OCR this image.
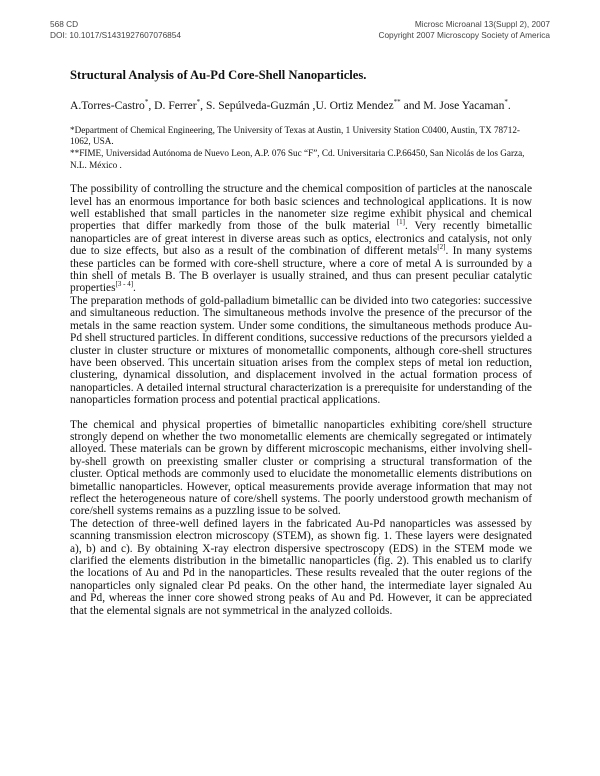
568 CD
DOI: 10.1017/S1431927607076854
Microsc Microanal 13(Suppl 2), 2007
Copyright 2007 Microscopy Society of America
Structural Analysis of Au-Pd Core-Shell Nanoparticles.
A.Torres-Castro*, D. Ferrer*, S. Sepúlveda-Guzmán ,U. Ortiz Mendez** and M. Jose Yacaman*.

*Department of Chemical Engineering, The University of Texas at Austin, 1 University Station C0400, Austin, TX 78712-1062, USA.

**FIME, Universidad Autónoma de Nuevo Leon, A.P. 076 Suc “F”, Cd. Universitaria C.P.66450, San Nicolás de los Garza, N.L. México .

The possibility of controlling the structure and the chemical composition of particles at the nanoscale level has an enormous importance for both basic sciences and technological applications. It is now well established that small particles in the nanometer size regime exhibit physical and chemical properties that differ markedly from those of the bulk material [1]. Very recently bimetallic nanoparticles are of great interest in diverse areas such as optics, electronics and catalysis, not only due to size effects, but also as a result of the combination of different metals[2]. In many systems these particles can be formed with core-shell structure, where a core of metal A is surrounded by a thin shell of metals B. The B overlayer is usually strained, and thus can present peculiar catalytic properties[3 - 4].

The preparation methods of gold-palladium bimetallic can be divided into two categories: successive and simultaneous reduction. The simultaneous methods involve the presence of the precursor of the metals in the same reaction system. Under some conditions, the simultaneous methods produce Au-Pd shell structured particles. In different conditions, successive reductions of the precursors yielded a cluster in cluster structure or mixtures of monometallic components, although core-shell structures have been observed. This uncertain situation arises from the complex steps of metal ion reduction, clustering, dynamical dissolution, and displacement involved in the actual formation process of nanoparticles. A detailed internal structural characterization is a prerequisite for understanding of the nanoparticles formation process and potential practical applications.

The chemical and physical properties of bimetallic nanoparticles exhibiting core/shell structure strongly depend on whether the two monometallic elements are chemically segregated or intimately alloyed. These materials can be grown by different microscopic mechanisms, either involving shell-by-shell growth on preexisting smaller cluster or comprising a structural transformation of the cluster. Optical methods are commonly used to elucidate the monometallic elements distributions on bimetallic nanoparticles. However, optical measurements provide average information that may not reflect the heterogeneous nature of core/shell systems. The poorly understood growth mechanism of core/shell systems remains as a puzzling issue to be solved.

The detection of three-well defined layers in the fabricated Au-Pd nanoparticles was assessed by scanning transmission electron microscopy (STEM), as shown fig. 1. These layers were designated a), b) and c). By obtaining X-ray electron dispersive spectroscopy (EDS) in the STEM mode we clarified the elements distribution in the bimetallic nanoparticles (fig. 2). This enabled us to clarify the locations of Au and Pd in the nanoparticles. These results revealed that the outer regions of the nanoparticles only signaled clear Pd peaks. On the other hand, the intermediate layer signaled Au and Pd, whereas the inner core showed strong peaks of Au and Pd. However, it can be appreciated that the elemental signals are not symmetrical in the analyzed colloids.
